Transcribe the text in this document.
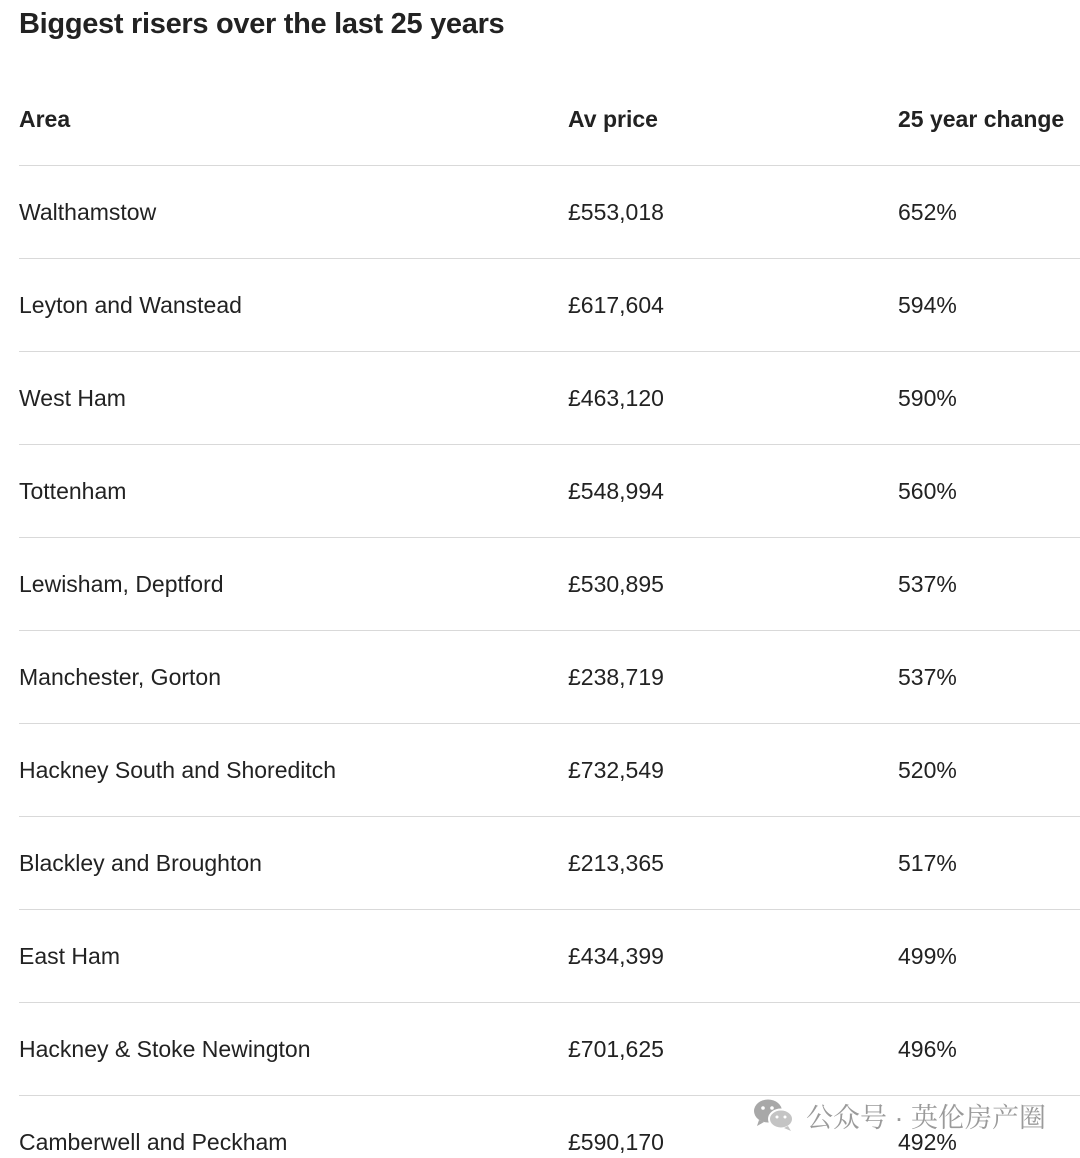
Biggest risers over the last 25 years
Area	Av price	25 year change
Walthamstow	£553,018	652%
Leyton and Wanstead	£617,604	594%
West Ham	£463,120	590%
Tottenham	£548,994	560%
Lewisham, Deptford	£530,895	537%
Manchester, Gorton	£238,719	537%
Hackney South and Shoreditch	£732,549	520%
Blackley and Broughton	£213,365	517%
East Ham	£434,399	499%
Hackney & Stoke Newington	£701,625	496%
Camberwell and Peckham	£590,170	492%
公众号 · 英伦房产圈
